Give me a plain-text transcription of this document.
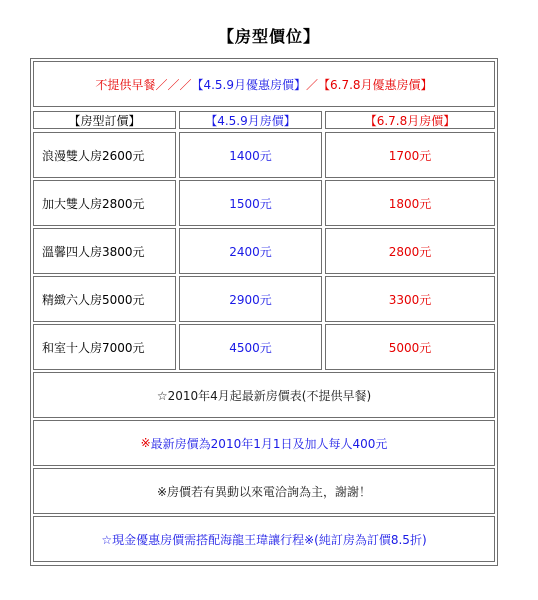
【房型價位】
不提供早餐 ／／／ 【4.5.9月優惠房價】 ／ 【6.7.8月優惠房價】
【房型訂價】	【4.5.9月房價】	【6.7.8月房價】
浪漫雙人房2600元	1400元	1700元
加大雙人房2800元	1500元	1800元
溫馨四人房3800元	2400元	2800元
精緻六人房5000元	2900元	3300元
和室十人房7000元	4500元	5000元
☆2010年4月起最新房價表(不提供早餐)
※ 最新房價為2010年1月1日及加人每人400元
※房價若有異動以來電洽詢為主，謝謝！
☆現金優惠房價需搭配海龍王瑋讓行程※(純訂房為訂價8.5折)
